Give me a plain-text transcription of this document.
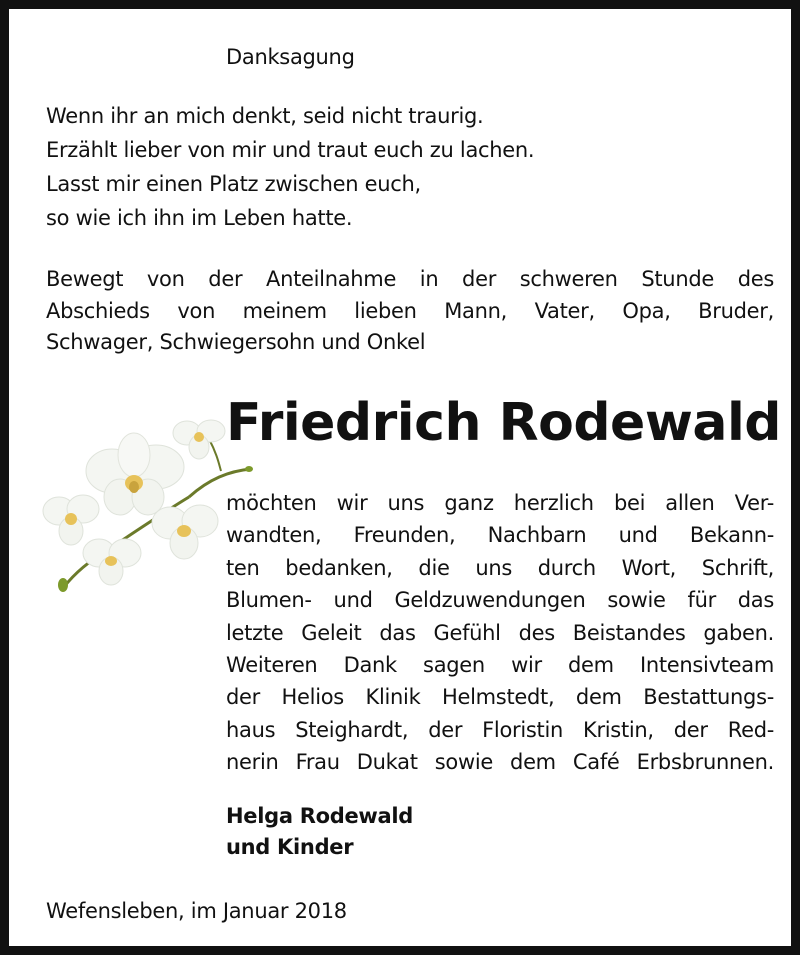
Danksagung
Wenn ihr an mich denkt, seid nicht traurig.
Erzählt lieber von mir und traut euch zu lachen.
Lasst mir einen Platz zwischen euch,
so wie ich ihn im Leben hatte.
Bewegt von der Anteilnahme in der schweren Stunde des
Abschieds von meinem lieben Mann, Vater, Opa, Bruder,
Schwager, Schwiegersohn und Onkel
Friedrich Rodewald
möchten wir uns ganz herzlich bei allen Ver-
wandten, Freunden, Nachbarn und Bekann-
ten bedanken, die uns durch Wort, Schrift,
Blumen- und Geldzuwendungen sowie für das
letzte Geleit das Gefühl des Beistandes gaben.
Weiteren Dank sagen wir dem Intensivteam
der Helios Klinik Helmstedt, dem Bestattungs-
haus Steighardt, der Floristin Kristin, der Red-
nerin Frau Dukat sowie dem Café Erbsbrunnen.
Helga Rodewald
und Kinder
Wefensleben, im Januar 2018
